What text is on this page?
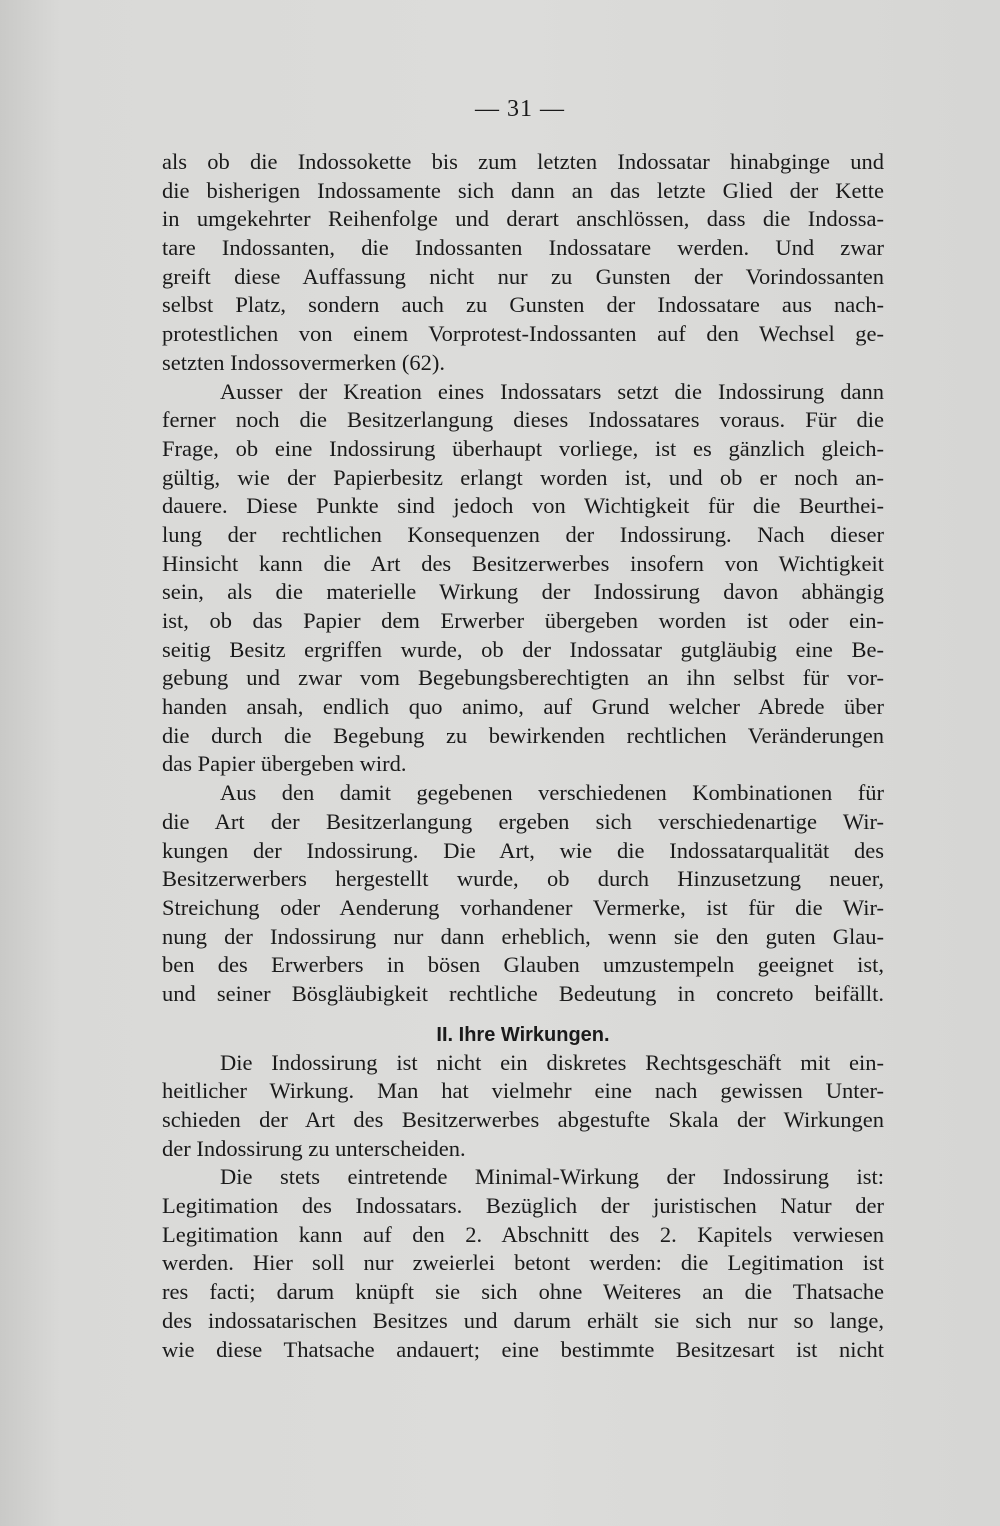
— 31 —
als ob die Indossokette bis zum letzten Indossatar hinabginge und
die bisherigen Indossamente sich dann an das letzte Glied der Kette
in umgekehrter Reihenfolge und derart anschlössen, dass die Indossa-
tare Indossanten, die Indossanten Indossatare werden. Und zwar
greift diese Auffassung nicht nur zu Gunsten der Vorindossanten
selbst Platz, sondern auch zu Gunsten der Indossatare aus nach-
protestlichen von einem Vorprotest-Indossanten auf den Wechsel ge-
setzten Indossovermerken (62).
Ausser der Kreation eines Indossatars setzt die Indossirung dann
ferner noch die Besitzerlangung dieses Indossatares voraus. Für die
Frage, ob eine Indossirung überhaupt vorliege, ist es gänzlich gleich-
gültig, wie der Papierbesitz erlangt worden ist, und ob er noch an-
dauere. Diese Punkte sind jedoch von Wichtigkeit für die Beurthei-
lung der rechtlichen Konsequenzen der Indossirung. Nach dieser
Hinsicht kann die Art des Besitzerwerbes insofern von Wichtigkeit
sein, als die materielle Wirkung der Indossirung davon abhängig
ist, ob das Papier dem Erwerber übergeben worden ist oder ein-
seitig Besitz ergriffen wurde, ob der Indossatar gutgläubig eine Be-
gebung und zwar vom Begebungsberechtigten an ihn selbst für vor-
handen ansah, endlich quo animo, auf Grund welcher Abrede über
die durch die Begebung zu bewirkenden rechtlichen Veränderungen
das Papier übergeben wird.
Aus den damit gegebenen verschiedenen Kombinationen für
die Art der Besitzerlangung ergeben sich verschiedenartige Wir-
kungen der Indossirung. Die Art, wie die Indossatarqualität des
Besitzerwerbers hergestellt wurde, ob durch Hinzusetzung neuer,
Streichung oder Aenderung vorhandener Vermerke, ist für die Wir-
nung der Indossirung nur dann erheblich, wenn sie den guten Glau-
ben des Erwerbers in bösen Glauben umzustempeln geeignet ist,
und seiner Bösgläubigkeit rechtliche Bedeutung in concreto beifällt.
II. Ihre Wirkungen.
Die Indossirung ist nicht ein diskretes Rechtsgeschäft mit ein-
heitlicher Wirkung. Man hat vielmehr eine nach gewissen Unter-
schieden der Art des Besitzerwerbes abgestufte Skala der Wirkungen
der Indossirung zu unterscheiden.
Die stets eintretende Minimal-Wirkung der Indossirung ist:
Legitimation des Indossatars. Bezüglich der juristischen Natur der
Legitimation kann auf den 2. Abschnitt des 2. Kapitels verwiesen
werden. Hier soll nur zweierlei betont werden: die Legitimation ist
res facti; darum knüpft sie sich ohne Weiteres an die Thatsache
des indossatarischen Besitzes und darum erhält sie sich nur so lange,
wie diese Thatsache andauert; eine bestimmte Besitzesart ist nicht
